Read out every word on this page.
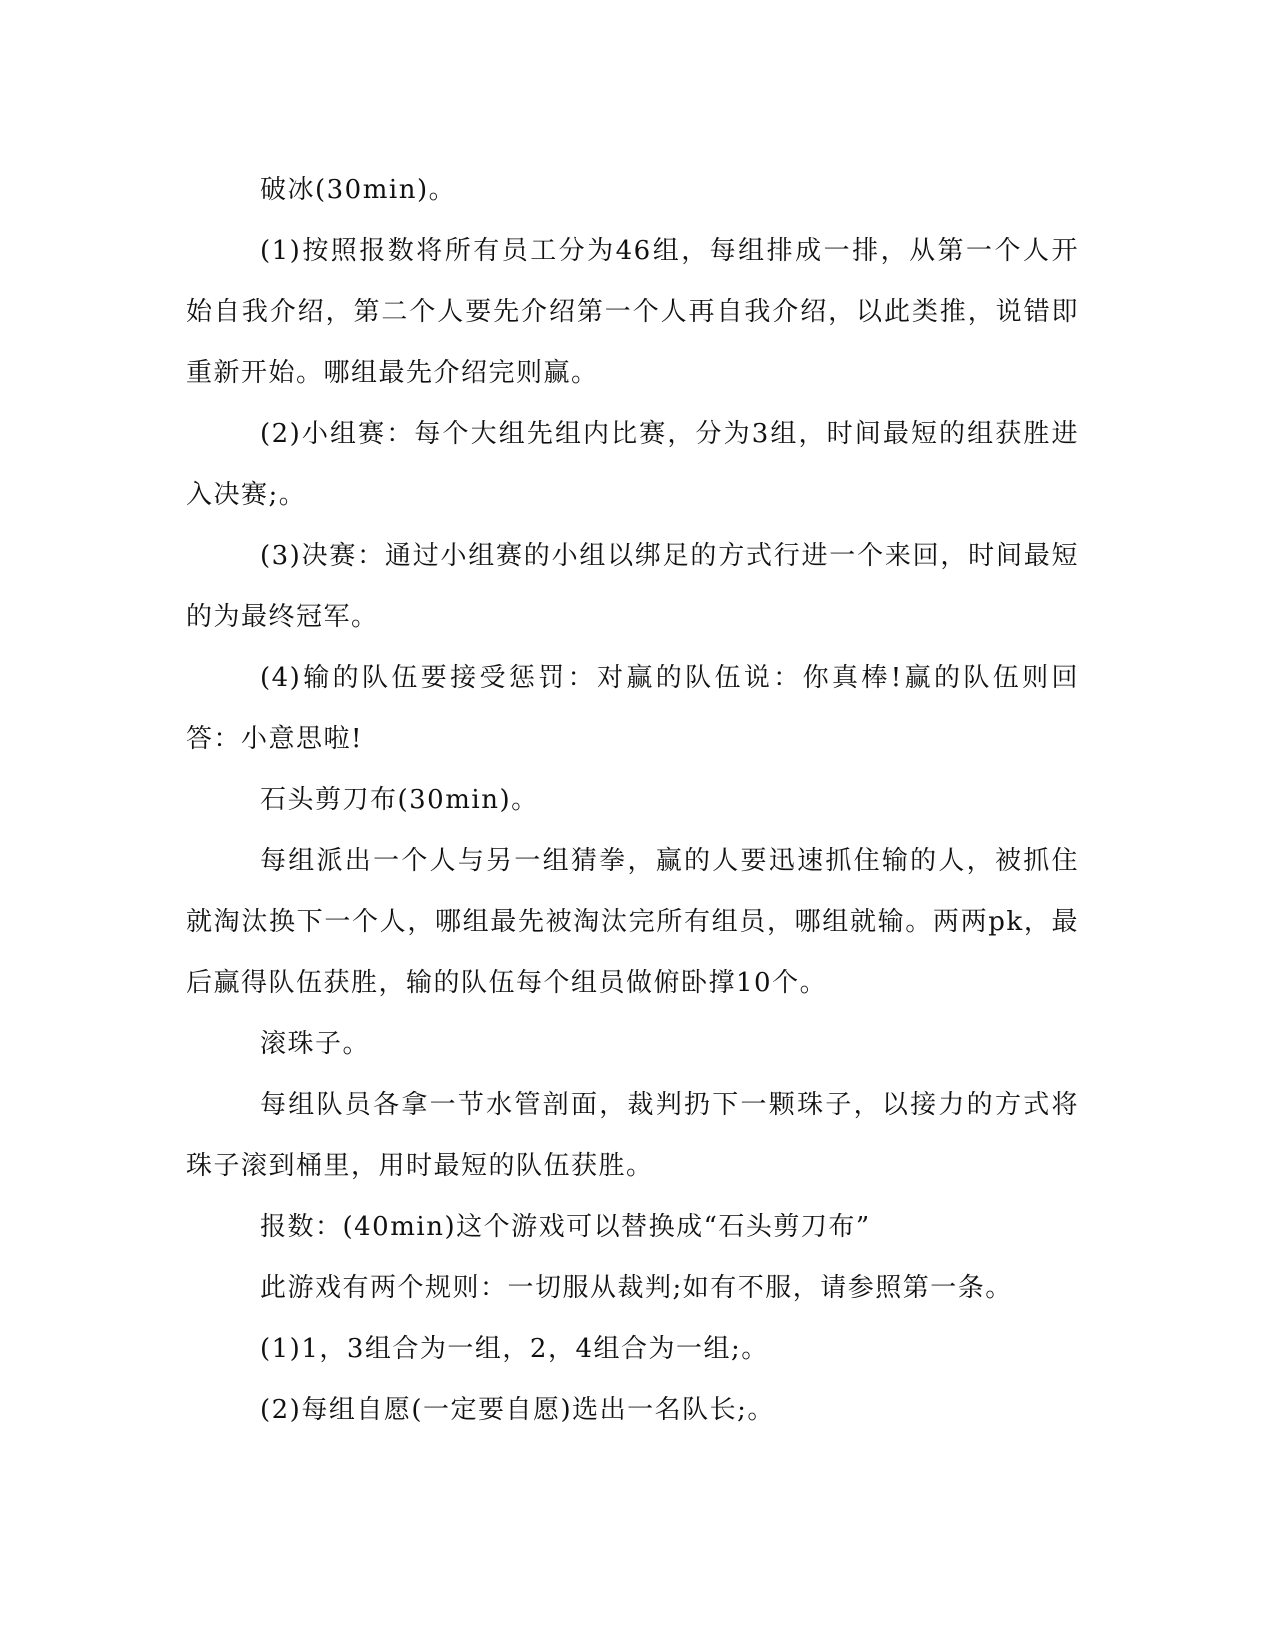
破冰(30min)。

(1)按照报数将所有员工分为46组，每组排成一排，从第一个人开始自我介绍，第二个人要先介绍第一个人再自我介绍，以此类推，说错即重新开始。哪组最先介绍完则赢。

(2)小组赛：每个大组先组内比赛，分为3组，时间最短的组获胜进入决赛;。

(3)决赛：通过小组赛的小组以绑足的方式行进一个来回，时间最短的为最终冠军。

(4)输的队伍要接受惩罚：对赢的队伍说：你真棒!赢的队伍则回答：小意思啦!

石头剪刀布(30min)。

每组派出一个人与另一组猜拳，赢的人要迅速抓住输的人，被抓住就淘汰换下一个人，哪组最先被淘汰完所有组员，哪组就输。两两pk，最后赢得队伍获胜，输的队伍每个组员做俯卧撑10个。

滚珠子。

每组队员各拿一节水管剖面，裁判扔下一颗珠子，以接力的方式将珠子滚到桶里，用时最短的队伍获胜。

报数：(40min)这个游戏可以替换成“石头剪刀布”

此游戏有两个规则：一切服从裁判;如有不服，请参照第一条。

(1)1，3组合为一组，2，4组合为一组;。

(2)每组自愿(一定要自愿)选出一名队长;。
